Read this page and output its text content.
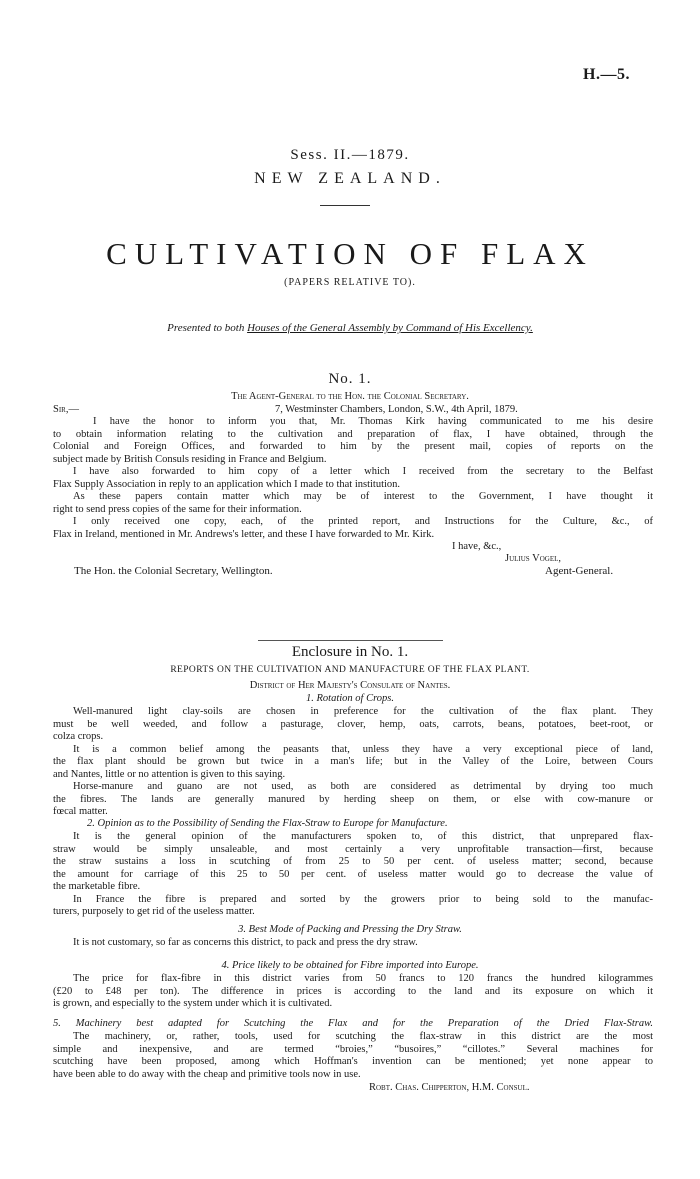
H.—5.
Sess. II.—1879.
NEW ZEALAND.
CULTIVATION OF FLAX
(PAPERS RELATIVE TO).
Presented to both Houses of the General Assembly by Command of His Excellency.
No. 1.
The Agent-General to the Hon. the Colonial Secretary.
Sir,—	7, Westminster Chambers, London, S.W., 4th April, 1879.
I have the honor to inform you that, Mr. Thomas Kirk having communicated to me his desire
to obtain information relating to the cultivation and preparation of flax, I have obtained, through the
Colonial and Foreign Offices, and forwarded to him by the present mail, copies of reports on the
subject made by British Consuls residing in France and Belgium.
I have also forwarded to him copy of a letter which I received from the secretary to the Belfast
Flax Supply Association in reply to an application which I made to that institution.
As these papers contain matter which may be of interest to the Government, I have thought it
right to send press copies of the same for their information.
I only received one copy, each, of the printed report, and Instructions for the Culture, &c., of
Flax in Ireland, mentioned in Mr. Andrews's letter, and these I have forwarded to Mr. Kirk.
I have, &c.,
Julius Vogel,
The Hon. the Colonial Secretary, Wellington.	Agent-General.
Enclosure in No. 1.
REPORTS ON THE CULTIVATION AND MANUFACTURE OF THE FLAX PLANT.
District of Her Majesty's Consulate of Nantes.
1. Rotation of Crops.
Well-manured light clay-soils are chosen in preference for the cultivation of the flax plant. They
must be well weeded, and follow a pasturage, clover, hemp, oats, carrots, beans, potatoes, beet-root, or
colza crops.
It is a common belief among the peasants that, unless they have a very exceptional piece of land,
the flax plant should be grown but twice in a man's life; but in the Valley of the Loire, between Cours
and Nantes, little or no attention is given to this saying.
Horse-manure and guano are not used, as both are considered as detrimental by drying too much
the fibres. The lands are generally manured by herding sheep on them, or else with cow-manure or
fœcal matter.
2. Opinion as to the Possibility of Sending the Flax-Straw to Europe for Manufacture.
It is the general opinion of the manufacturers spoken to, of this district, that unprepared flax-
straw would be simply unsaleable, and most certainly a very unprofitable transaction—first, because
the straw sustains a loss in scutching of from 25 to 50 per cent. of useless matter; second, because
the amount for carriage of this 25 to 50 per cent. of useless matter would go to decrease the value of
the marketable fibre.
In France the fibre is prepared and sorted by the growers prior to being sold to the manufac-
turers, purposely to get rid of the useless matter.
3. Best Mode of Packing and Pressing the Dry Straw.
It is not customary, so far as concerns this district, to pack and press the dry straw.
4. Price likely to be obtained for Fibre imported into Europe.
The price for flax-fibre in this district varies from 50 francs to 120 francs the hundred kilogrammes
(£20 to £48 per ton). The difference in prices is according to the land and its exposure on which it
is grown, and especially to the system under which it is cultivated.
5. Machinery best adapted for Scutching the Flax and for the Preparation of the Dried Flax-Straw.
The machinery, or, rather, tools, used for scutching the flax-straw in this district are the most
simple and inexpensive, and are termed “broies,” “busoires,” “cillotes.” Several machines for
scutching have been proposed, among which Hoffman's invention can be mentioned; yet none appear to
have been able to do away with the cheap and primitive tools now in use.
Robt. Chas. Chipperton, H.M. Consul.
